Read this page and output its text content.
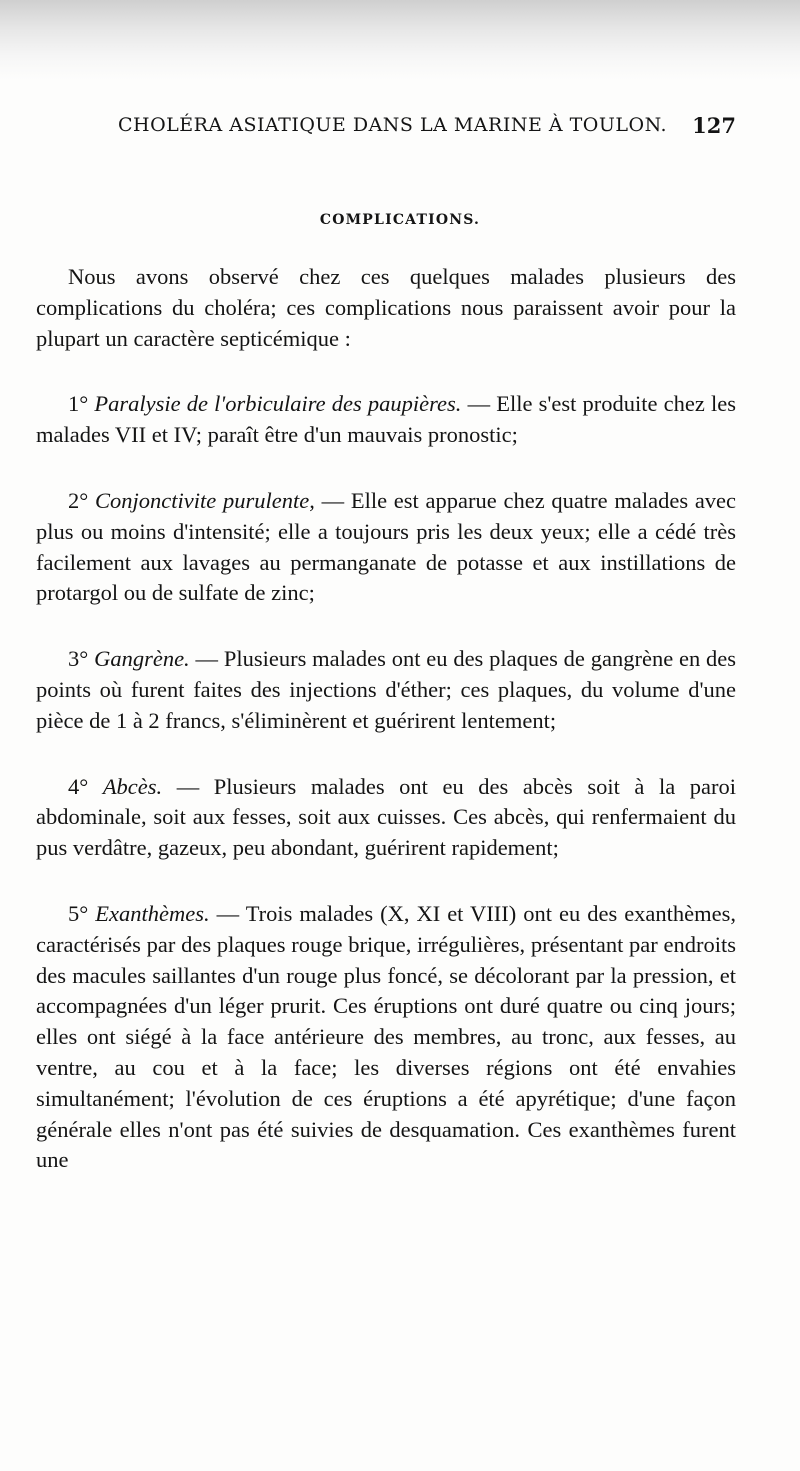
CHOLÉRA ASIATIQUE DANS LA MARINE À TOULON. 127
COMPLICATIONS.

Nous avons observé chez ces quelques malades plusieurs des complications du choléra; ces complications nous paraissent avoir pour la plupart un caractère septicémique :

1° Paralysie de l'orbiculaire des paupières. — Elle s'est produite chez les malades VII et IV; paraît être d'un mauvais pronostic;

2° Conjonctivite purulente, — Elle est apparue chez quatre malades avec plus ou moins d'intensité; elle a toujours pris les deux yeux; elle a cédé très facilement aux lavages au permanganate de potasse et aux instillations de protargol ou de sulfate de zinc;

3° Gangrène. — Plusieurs malades ont eu des plaques de gangrène en des points où furent faites des injections d'éther; ces plaques, du volume d'une pièce de 1 à 2 francs, s'éliminèrent et guérirent lentement;

4° Abcès. — Plusieurs malades ont eu des abcès soit à la paroi abdominale, soit aux fesses, soit aux cuisses. Ces abcès, qui renfermaient du pus verdâtre, gazeux, peu abondant, guérirent rapidement;

5° Exanthèmes. — Trois malades (X, XI et VIII) ont eu des exanthèmes, caractérisés par des plaques rouge brique, irrégulières, présentant par endroits des macules saillantes d'un rouge plus foncé, se décolorant par la pression, et accompagnées d'un léger prurit. Ces éruptions ont duré quatre ou cinq jours; elles ont siégé à la face antérieure des membres, au tronc, aux fesses, au ventre, au cou et à la face; les diverses régions ont été envahies simultanément; l'évolution de ces éruptions a été apyrétique; d'une façon générale elles n'ont pas été suivies de desquamation. Ces exanthèmes furent une
